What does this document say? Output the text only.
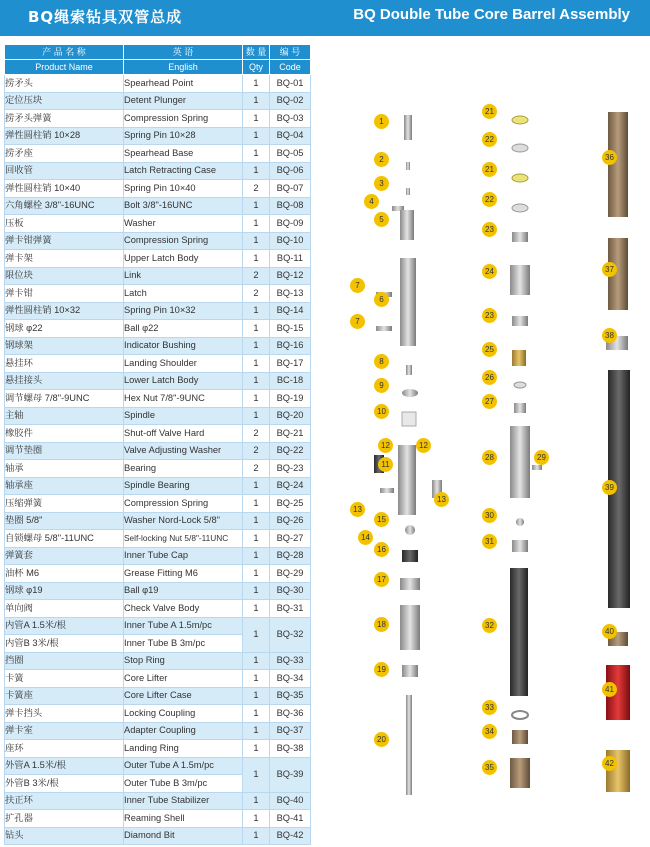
BQ绳索钻具双管总成	BQ Double Tube Core Barrel Assembly
产 品 名 称	英 语	数 量	编 号
Product Name	English	Qty	Code
捞矛头	Spearhead Point	1	BQ-01
定位压块	Detent Plunger	1	BQ-02
捞矛头弹簧	Compression Spring	1	BQ-03
弹性圆柱销 10×28	Spring Pin 10×28	1	BQ-04
捞矛座	Spearhead Base	1	BQ-05
回收管	Latch Retracting Case	1	BQ-06
弹性圆柱销 10×40	Spring Pin 10×40	2	BQ-07
六角螺栓 3/8"-16UNC	Bolt 3/8"-16UNC	1	BQ-08
压板	Washer	1	BQ-09
弹卡钳弹簧	Compression Spring	1	BQ-10
弹卡架	Upper Latch Body	1	BQ-11
限位块	Link	2	BQ-12
弹卡钳	Latch	2	BQ-13
弹性圆柱销 10×32	Spring Pin 10×32	1	BQ-14
钢球 φ22	Ball φ22	1	BQ-15
钢球架	Indicator Bushing	1	BQ-16
悬挂环	Landing Shoulder	1	BQ-17
悬挂接头	Lower Latch Body	1	BC-18
调节螺母 7/8"-9UNC	Hex Nut 7/8"-9UNC	1	BQ-19
主轴	Spindle	1	BQ-20
橡胶件	Shut-off Valve Hard	2	BQ-21
调节垫圈	Valve Adjusting Washer	2	BQ-22
轴承	Bearing	2	BQ-23
轴承座	Spindle Bearing	1	BQ-24
压缩弹簧	Compression Spring	1	BQ-25
垫圈 5/8"	Washer Nord-Lock 5/8"	1	BQ-26
自锁螺母 5/8"-11UNC	Self-locking Nut 5/8"-11UNC	1	BQ-27
弹簧套	Inner Tube Cap	1	BQ-28
油杯 M6	Grease Fitting M6	1	BQ-29
钢球 φ19	Ball φ19	1	BQ-30
单向阀	Check Valve Body	1	BQ-31
内管A 1.5米/根	Inner Tube A 1.5m/pc	1	BQ-32
内管B 3米/根	Inner Tube B 3m/pc		
挡圈	Stop Ring	1	BQ-33
卡簧	Core Lifter	1	BQ-34
卡簧座	Core Lifter Case	1	BQ-35
弹卡挡头	Locking Coupling	1	BQ-36
弹卡室	Adapter Coupling	1	BQ-37
座环	Landing Ring	1	BQ-38
外管A 1.5米/根	Outer Tube A 1.5m/pc	1	BQ-39
外管B 3米/根	Outer Tube B 3m/pc		
扶正环	Inner Tube Stabilizer	1	BQ-40
扩孔器	Reaming Shell	1	BQ-41
钻头	Diamond Bit	1	BQ-42
1
2
3
4
5
6
7
7
8
9
10
11
12	12
13
13
14
15
16
17
18
19
20
21
22
21
22
23
24
23
25
26
27
28	29
30
31
32
33
34
35
36
37
38
39
40
41
42
